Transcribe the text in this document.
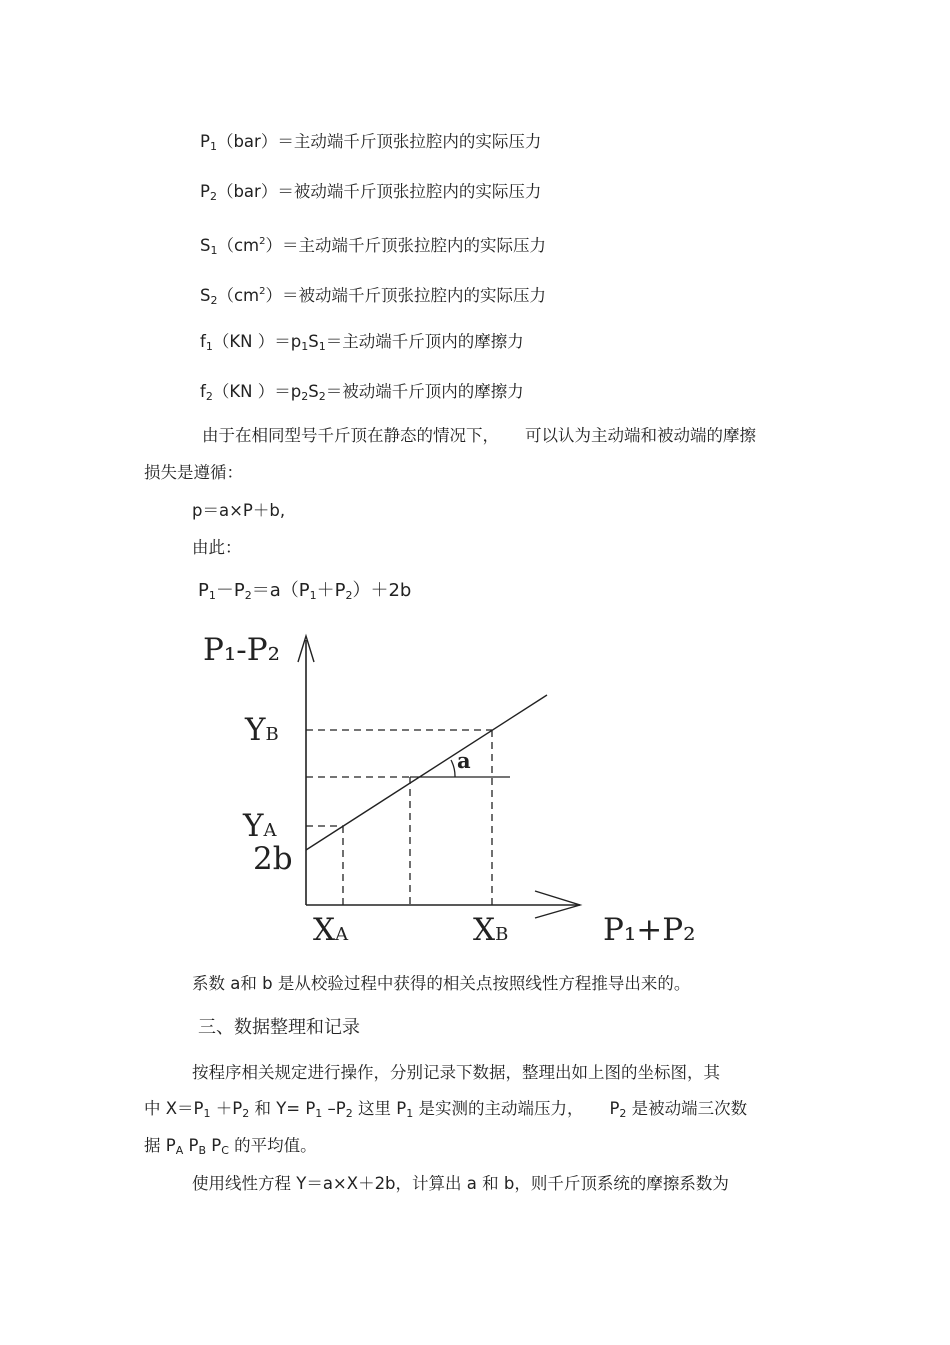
$P_1(bar)=$主动端千斤顶张拉腔内的实际压力
$P_2(bar)=$被动端千斤顶张拉腔内的实际压力
$S_1(cm^2)=$主动端千斤顶张拉腔内的实际压力
$S_2(cm^2)=$被动端千斤顶张拉腔内的实际压力
$f_1(KN$ ）$=p_1S_1=$主动端千斤顶内的摩擦力
$f_2(KN$ ）$=p_2S_2=$被动端千斤顶内的摩擦力
由于在相同型号千斤顶在静态的情况下， 可以认为主动端和被动端的摩擦
损失是遵循：
p＝a×P＋b,
由此：
$P_1-P_2=a(P_1+P_2)+2b$
P₁-P₂
P₁+P₂
YB
YA
2b
XA	XB
a
系数 a和 b 是从校验过程中获得的相关点按照线性方程推导出来的。
三、数据整理和记录
按程序相关规定进行操作，分别记录下数据，整理出如上图的坐标图，其
中 $X=P_1 +P_2$ 和 $Y= P_1$ $-P_2$ 这里 $P_1$ 是实测的主动端压力， $P_2$ 是被动端三次数
据 $P_A$ $P_B$ $P_C$ 的平均值。
使用线性方程 Y＝a×X＋2b，计算出 a 和 b，则千斤顶系统的摩擦系数为
